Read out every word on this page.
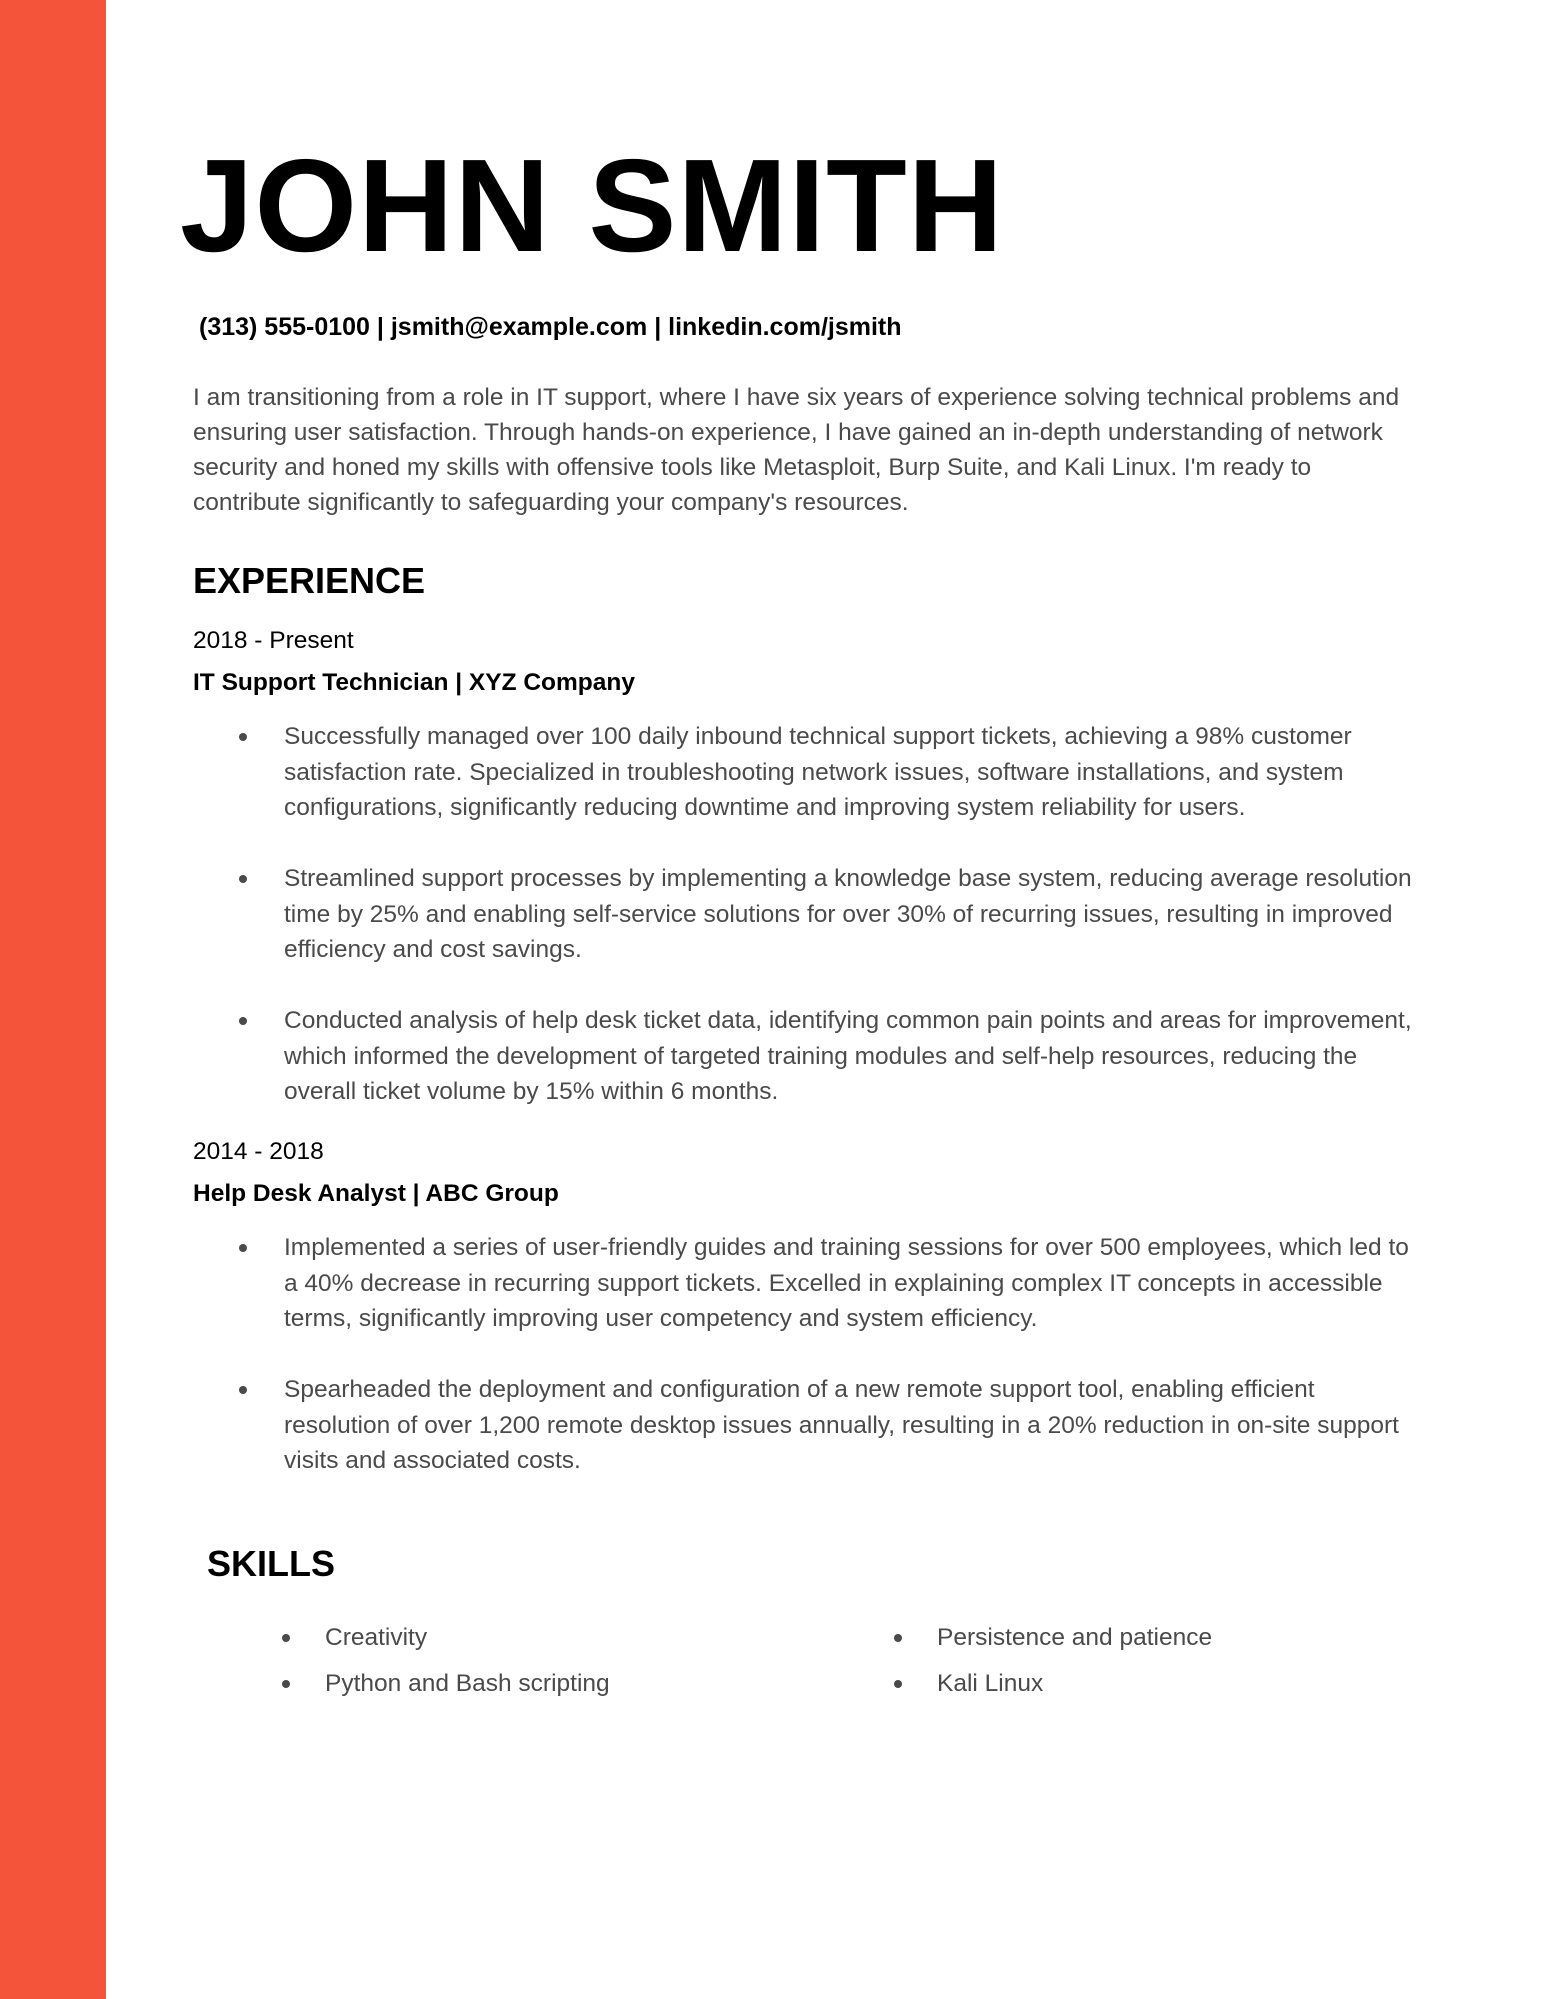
JOHN SMITH
(313) 555-0100 | jsmith@example.com | linkedin.com/jsmith

I am transitioning from a role in IT support, where I have six years of experience solving technical problems and ensuring user satisfaction. Through hands-on experience, I have gained an in-depth understanding of network security and honed my skills with offensive tools like Metasploit, Burp Suite, and Kali Linux. I'm ready to contribute significantly to safeguarding your company's resources.

EXPERIENCE
2018 - Present
IT Support Technician | XYZ Company
Successfully managed over 100 daily inbound technical support tickets, achieving a 98% customer satisfaction rate. Specialized in troubleshooting network issues, software installations, and system configurations, significantly reducing downtime and improving system reliability for users.
Streamlined support processes by implementing a knowledge base system, reducing average resolution time by 25% and enabling self-service solutions for over 30% of recurring issues, resulting in improved efficiency and cost savings.
Conducted analysis of help desk ticket data, identifying common pain points and areas for improvement, which informed the development of targeted training modules and self-help resources, reducing the overall ticket volume by 15% within 6 months.
2014 - 2018
Help Desk Analyst | ABC Group
Implemented a series of user-friendly guides and training sessions for over 500 employees, which led to a 40% decrease in recurring support tickets. Excelled in explaining complex IT concepts in accessible terms, significantly improving user competency and system efficiency.
Spearheaded the deployment and configuration of a new remote support tool, enabling efficient resolution of over 1,200 remote desktop issues annually, resulting in a 20% reduction in on-site support visits and associated costs.
SKILLS
Creativity	Persistence and patience
Python and Bash scripting	Kali Linux
